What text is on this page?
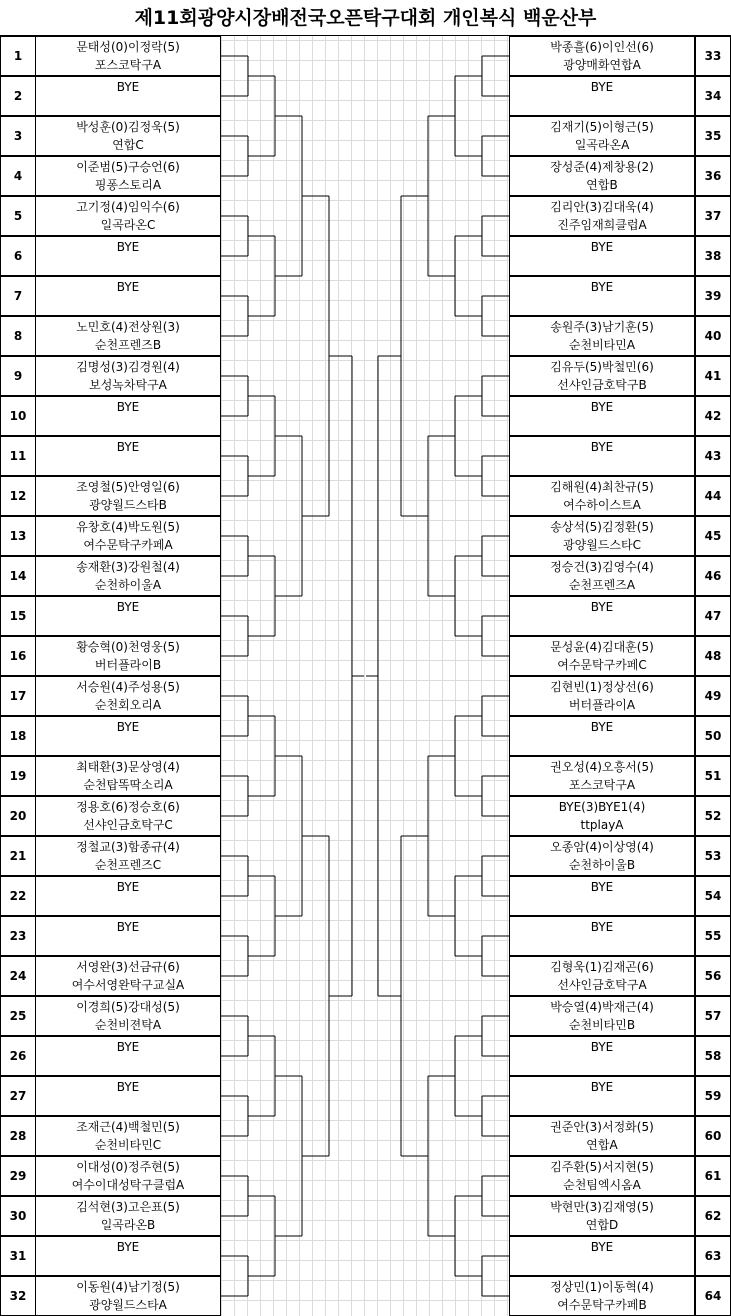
제11회광양시장배전국오픈탁구대회 개인복식 백운산부
1
문태성(0)이정락(5)
포스코탁구A
2
BYE
3
박성훈(0)김정욱(5)
연합C
4
이준범(5)구승언(6)
핑퐁스토리A
5
고기정(4)임익수(6)
일곡라온C
6
BYE
7
BYE
8
노민호(4)전상원(3)
순천프렌즈B
9
김명성(3)김경원(4)
보성녹차탁구A
10
BYE
11
BYE
12
조영철(5)안영일(6)
광양월드스타B
13
유창호(4)박도원(5)
여수문탁구카페A
14
송재환(3)강원철(4)
순천하이울A
15
BYE
16
황승혁(0)천영웅(5)
버터플라이B
17
서승원(4)주성용(5)
순천회오리A
18
BYE
19
최태환(3)문상영(4)
순천탑똑딱소리A
20
정용호(6)정승호(6)
선샤인금호탁구C
21
정철교(3)함종규(4)
순천프렌즈C
22
BYE
23
BYE
24
서영완(3)선금규(6)
여수서영완탁구교실A
25
이경희(5)강대성(5)
순천비젼탁A
26
BYE
27
BYE
28
조재근(4)백철민(5)
순천비타민C
29
이대성(0)정주현(5)
여수이대성탁구클럽A
30
김석현(3)고은표(5)
일곡라온B
31
BYE
32
이동원(4)남기정(5)
광양월드스타A
33
박종흘(6)이인선(6)
광양매화연합A
34
BYE
35
김재기(5)이형근(5)
일곡라온A
36
장성준(4)제창용(2)
연합B
37
김리안(3)김대욱(4)
진주임재희클럽A
38
BYE
39
BYE
40
송원주(3)남기훈(5)
순천비타민A
41
김유두(5)박철민(6)
선샤인금호탁구B
42
BYE
43
BYE
44
김해원(4)최찬규(5)
여수하이스트A
45
송상석(5)김정환(5)
광양월드스타C
46
정승건(3)김영수(4)
순천프렌즈A
47
BYE
48
문성윤(4)김대훈(5)
여수문탁구카페C
49
김현빈(1)정상선(6)
버터플라이A
50
BYE
51
권오성(4)오흥서(5)
포스코탁구A
52
BYE(3)BYE1(4)
ttplayA
53
오종암(4)이상영(4)
순천하이울B
54
BYE
55
BYE
56
김형욱(1)김재곤(6)
선샤인금호탁구A
57
박승열(4)박재근(4)
순천비타민B
58
BYE
59
BYE
60
권준안(3)서정화(5)
연합A
61
김주환(5)서지현(5)
순천팀엑시옴A
62
박현만(3)김재영(5)
연합D
63
BYE
64
정상민(1)이동혁(4)
여수문탁구카페B
